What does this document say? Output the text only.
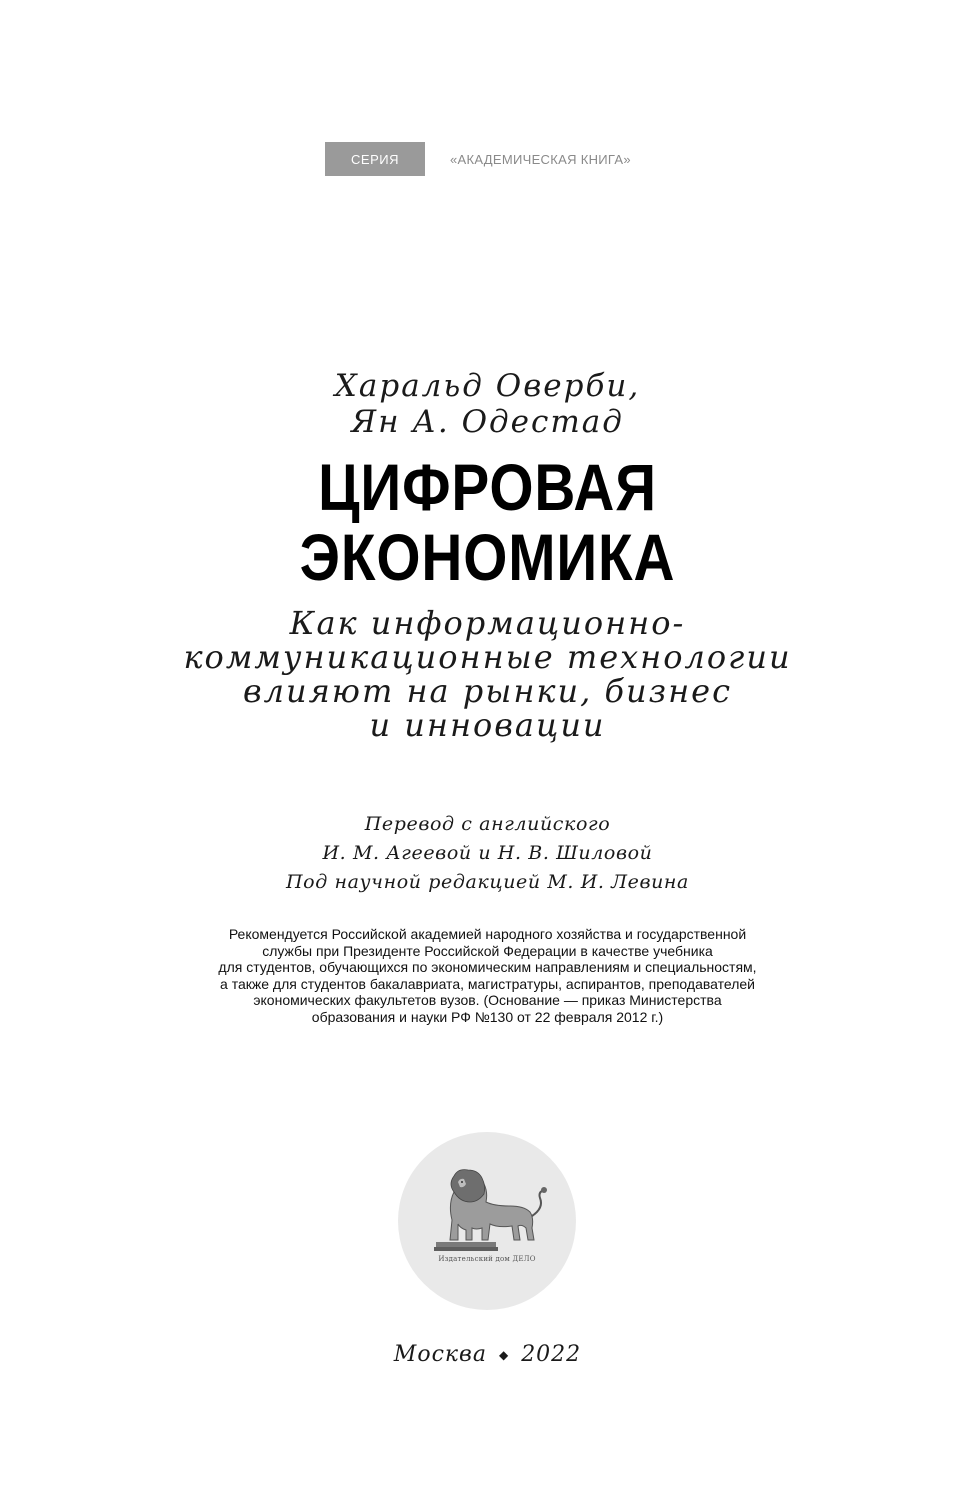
СЕРИЯ	«АКАДЕМИЧЕСКАЯ КНИГА»
Харальд Оверби,
Ян А. Одестад
ЦИФРОВАЯ
ЭКОНОМИКА
Как информационно-
коммуникационные технологии
влияют на рынки, бизнес
и инновации
Перевод с английского
И. М. Агеевой и Н. В. Шиловой
Под научной редакцией М. И. Левина
Рекомендуется Российской академией народного хозяйства и государственной
службы при Президенте Российской Федерации в качестве учебника
для студентов, обучающихся по экономическим направлениям и специальностям,
а также для студентов бакалавриата, магистратуры, аспирантов, преподавателей
экономических факультетов вузов. (Основание — приказ Министерства
образования и науки РФ №130 от 22 февраля 2012 г.)
Издательский дом ДЕЛО
Москва ◆ 2022
